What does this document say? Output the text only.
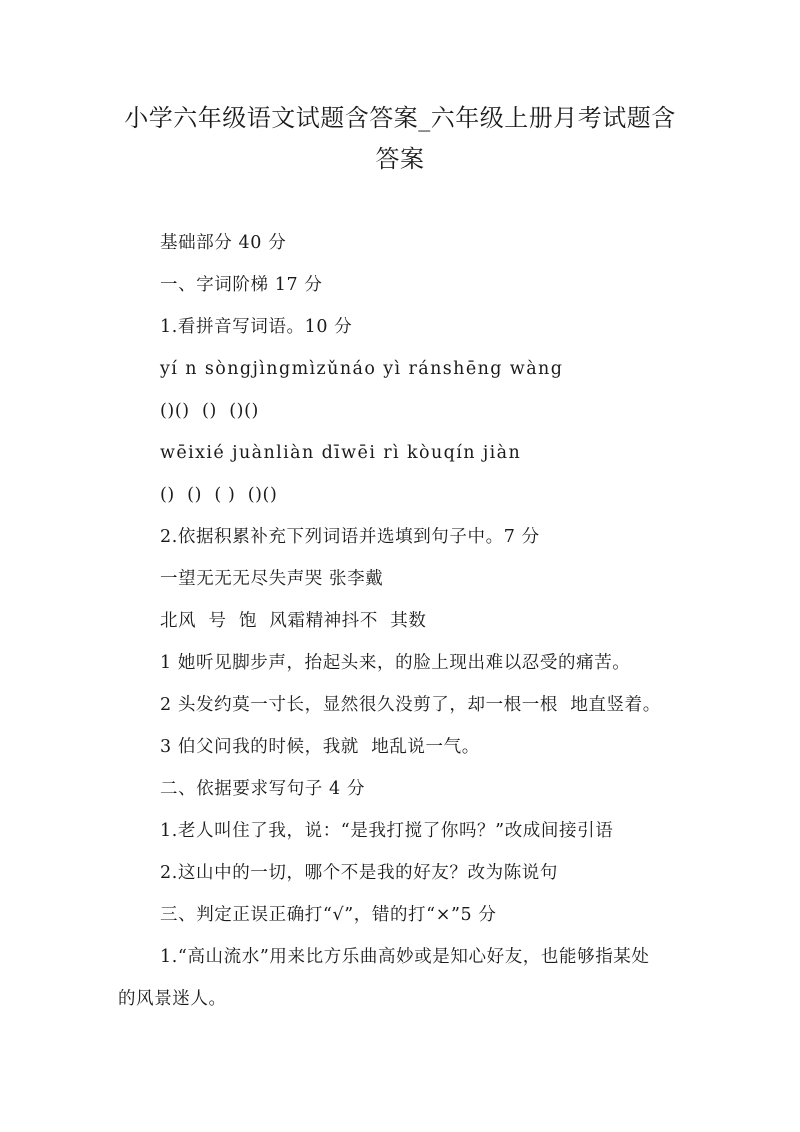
小学六年级语文试题含答案_六年级上册月考试题含
答案
基础部分 40 分
一、字词阶梯 17 分
1.看拼音写词语。10 分
yí n sòngjìngmìzǔnáo yì ránshēng wàng
()()  ()  ()()
wēixié juànliàn dīwēi rì kòuqín jiàn
()  ()  ( )  ()()
2.依据积累补充下列词语并选填到句子中。7 分
一望无无无尽失声哭 张李戴
北风  号  饱  风霜精神抖不  其数
1 她听见脚步声，抬起头来，的脸上现出难以忍受的痛苦。
2 头发约莫一寸长，显然很久没剪了，却一根一根  地直竖着。
3 伯父问我的时候，我就  地乱说一气。
二、依据要求写句子 4 分
1.老人叫住了我，说：“是我打搅了你吗？”改成间接引语
2.这山中的一切，哪个不是我的好友？改为陈说句
三、判定正误正确打“√”，错的打“×”5 分
1.“高山流水”用来比方乐曲高妙或是知心好友，也能够指某处
的风景迷人。
